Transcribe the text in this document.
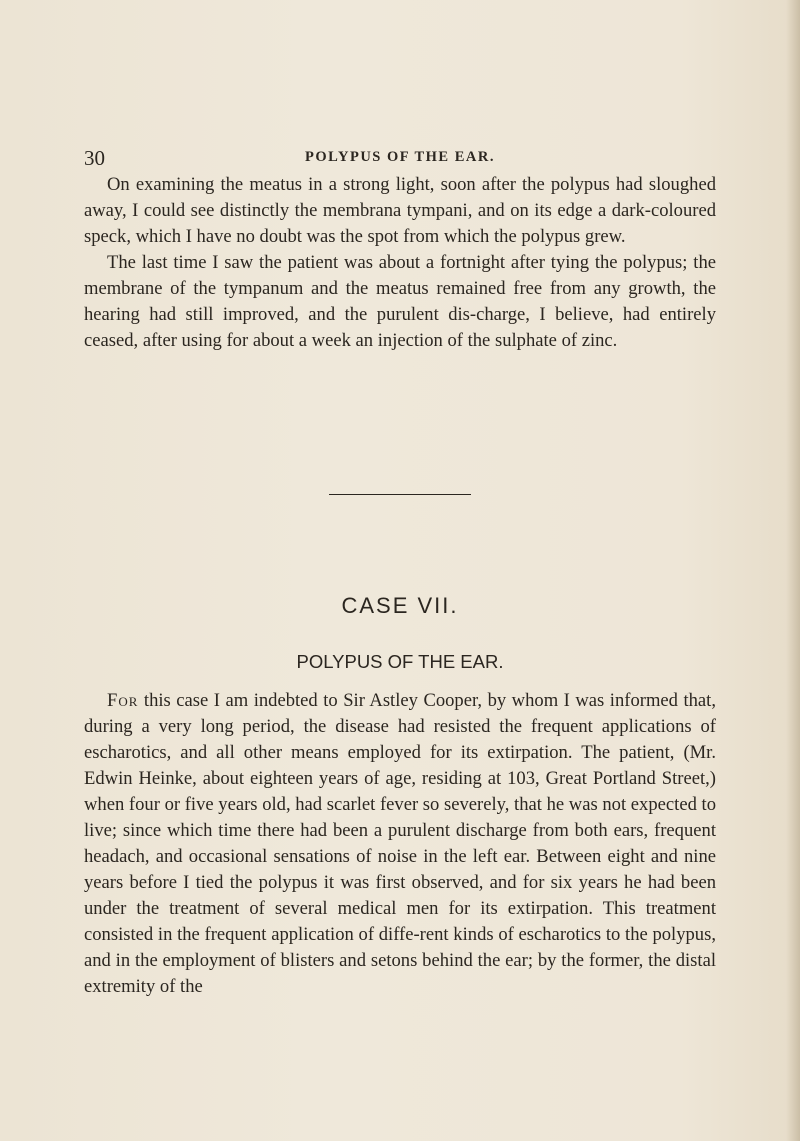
30	POLYPUS OF THE EAR.

On examining the meatus in a strong light, soon after the polypus had sloughed away, I could see distinctly the membrana tympani, and on its edge a dark-coloured speck, which I have no doubt was the spot from which the polypus grew.

The last time I saw the patient was about a fortnight after tying the polypus; the membrane of the tympanum and the meatus remained free from any growth, the hearing had still improved, and the purulent dis-charge, I believe, had entirely ceased, after using for about a week an injection of the sulphate of zinc.

CASE VII.
POLYPUS OF THE EAR.

For this case I am indebted to Sir Astley Cooper, by whom I was informed that, during a very long period, the disease had resisted the frequent applications of escharotics, and all other means employed for its extirpation. The patient, (Mr. Edwin Heinke, about eighteen years of age, residing at 103, Great Portland Street,) when four or five years old, had scarlet fever so severely, that he was not expected to live; since which time there had been a purulent discharge from both ears, frequent headach, and occasional sensations of noise in the left ear. Between eight and nine years before I tied the polypus it was first observed, and for six years he had been under the treatment of several medical men for its extirpation. This treatment consisted in the frequent application of diffe-rent kinds of escharotics to the polypus, and in the employment of blisters and setons behind the ear; by the former, the distal extremity of the
